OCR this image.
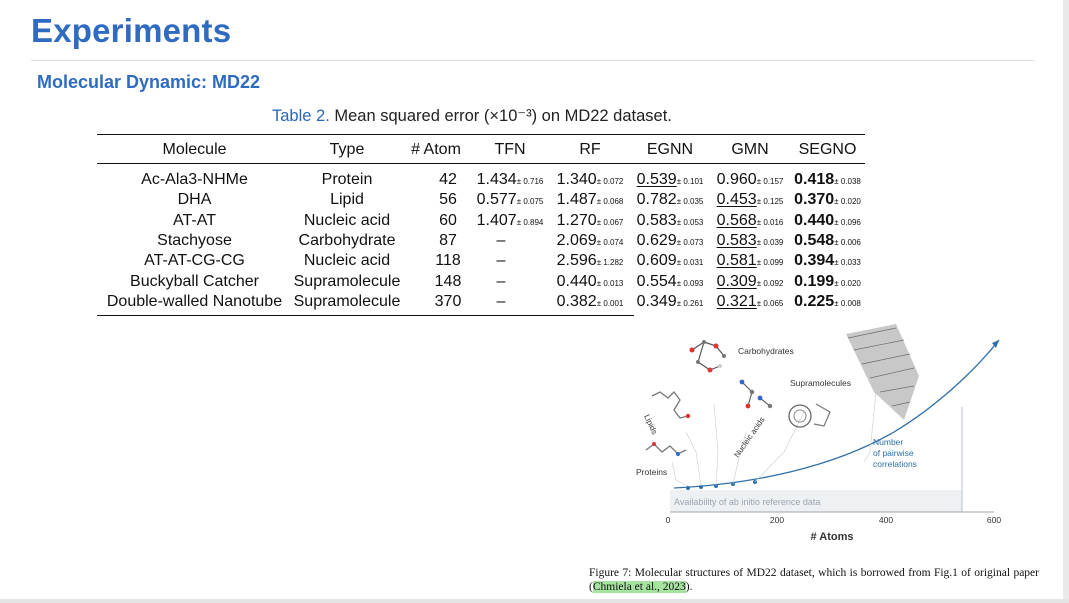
Experiments
Molecular Dynamic: MD22
Table 2. Mean squared error (×10⁻³) on MD22 dataset.
Molecule	Type	# Atom	TFN	RF	EGNN	GMN	SEGNO
Ac-Ala3-NHMe	Protein	42	1.434± 0.716	1.340± 0.072	0.539± 0.101	0.960± 0.157	0.418± 0.038
DHA	Lipid	56	0.577± 0.075	1.487± 0.068	0.782± 0.035	0.453± 0.125	0.370± 0.020
AT-AT	Nucleic acid	60	1.407± 0.894	1.270± 0.067	0.583± 0.053	0.568± 0.016	0.440± 0.096
Stachyose	Carbohydrate	87	–	2.069± 0.074	0.629± 0.073	0.583± 0.039	0.548± 0.006
AT-AT-CG-CG	Nucleic acid	118	–	2.596± 1.282	0.609± 0.031	0.581± 0.099	0.394± 0.033
Buckyball Catcher	Supramolecule	148	–	0.440± 0.013	0.554± 0.093	0.309± 0.092	0.199± 0.020
Double-walled Nanotube	Supramolecule	370	–	0.382± 0.001	0.349± 0.261	0.321± 0.065	0.225± 0.008
Availability of ab initio reference data
0	200	400	600
# Atoms
Carbohydrates
Supramolecules
Nucleic acids
Lipids
Proteins
Number
of pairwise
correlations
Figure 7: Molecular structures of MD22 dataset, which is borrowed from Fig.1 of original paper (Chmiela et al., 2023).
